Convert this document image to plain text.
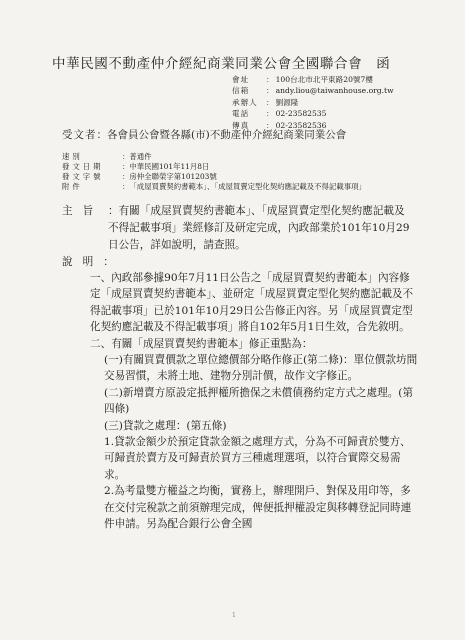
中華民國不動產仲介經紀商業同業公會全國聯合會 函
會址	： 100台北市北平東路20號7樓
信箱	： andy.liou@taiwanhouse.org.tw
承辦人	： 劉源隆
電話	： 02-23582535
傳真	： 02-23582536
受文者：各會員公會暨各縣(市)不動產仲介經紀商業同業公會
速別	： 普通件
發文日期	： 中華民國101年11月8日
發文字號	： 房仲全聯榮字第101203號
附件	： 「成屋買賣契約書範本」、「成屋買賣定型化契約應記載及不得記載事項」
主旨 ：有關「成屋買賣契約書範本」、「成屋買賣定型化契約應記載及不得記載事項」業經修訂及研定完成，內政部業於101年10月29日公告，詳如說明，請查照。
說明：

一、內政部參據90年7月11日公告之「成屋買賣契約書範本」內容修定「成屋買賣契約書範本」、並研定「成屋買賣定型化契約應記載及不得記載事項」已於101年10月29日公告修正內容。另「成屋買賣定型化契約應記載及不得記載事項」將自102年5月1日生效，合先敘明。

二、有關「成屋買賣契約書範本」修正重點為：

(一)有關買賣價款之單位總價部分略作修正(第二條)：單位價款坊間交易習慣，未將土地、建物分別計價，故作文字修正。

(二)新增賣方原設定抵押權所擔保之未償債務約定方式之處理。(第四條)

(三)貸款之處理：(第五條)

1.貸款金額少於預定貸款金額之處理方式，分為不可歸責於雙方、可歸責於賣方及可歸責於買方三種處理選項，以符合實際交易需求。

2.為考量雙方權益之均衡，實務上，辦理開戶、對保及用印等，多在交付完稅款之前須辦理完成，俾便抵押權設定與移轉登記同時連件申請。另為配合銀行公會全國

1
